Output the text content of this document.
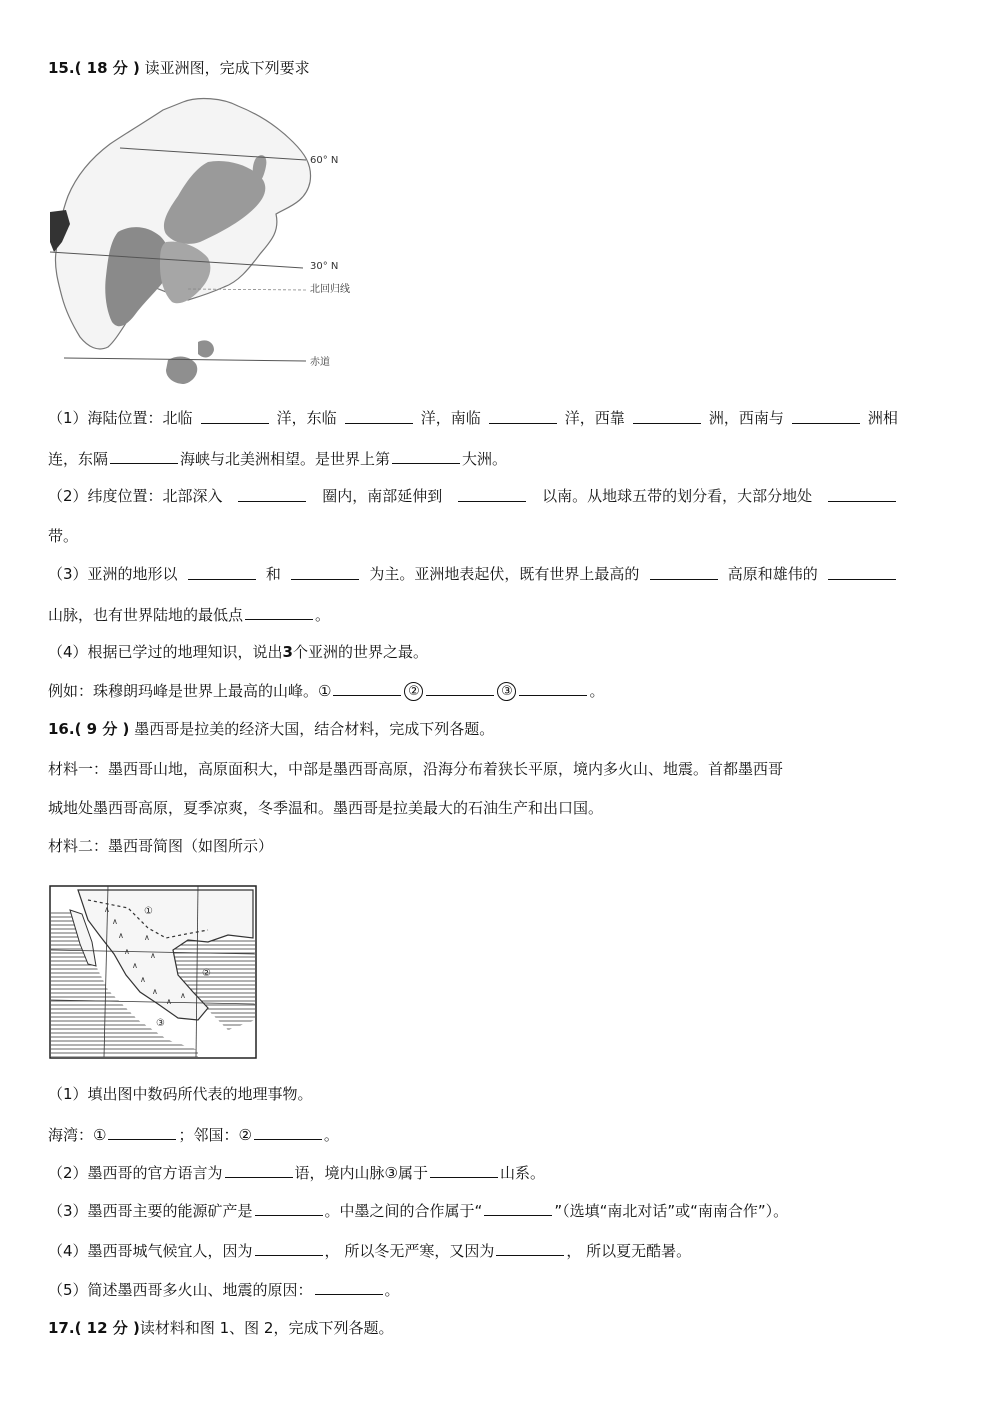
15.( 18 分 ) 读亚洲图，完成下列要求
60° N
30° N
北回归线
赤道
（1）海陆位置：北临	洋，东临	洋，南临	洋，西靠	洲，西南与	洲相
连，东隔	海峡与北美洲相望。是世界上第	大洲。
（2）纬度位置：北部深入	圈内，南部延伸到	以南。从地球五带的划分看，大部分地处
带。
（3）亚洲的地形以	和	为主。亚洲地表起伏，既有世界上最高的	高原和雄伟的
山脉，也有世界陆地的最低点	。
（4）根据已学过的地理知识，说出3个亚洲的世界之最。
例如：珠穆朗玛峰是世界上最高的山峰。①	②	③	。
16.( 9 分 ) 墨西哥是拉美的经济大国，结合材料，完成下列各题。
材料一：墨西哥山地，高原面积大，中部是墨西哥高原，沿海分布着狭长平原，境内多火山、地震。首都墨西哥
城地处墨西哥高原，夏季凉爽，冬季温和。墨西哥是拉美最大的石油生产和出口国。
材料二：墨西哥简图（如图所示）
∧
∧
∧
∧
∧
∧
∧
∧
∧
∧
∧
①
②
③
（1）填出图中数码所代表的地理事物。
海湾：①	；邻国：②	。
（2）墨西哥的官方语言为	语，境内山脉③属于	山系。
（3）墨西哥主要的能源矿产是	。中墨之间的合作属于“	”（选填“南北对话”或“南南合作”）。
（4）墨西哥城气候宜人，因为	， 所以冬无严寒，又因为	， 所以夏无酷暑。
（5）简述墨西哥多火山、地震的原因：	。
17.( 12 分 )读材料和图 1、图 2，完成下列各题。
